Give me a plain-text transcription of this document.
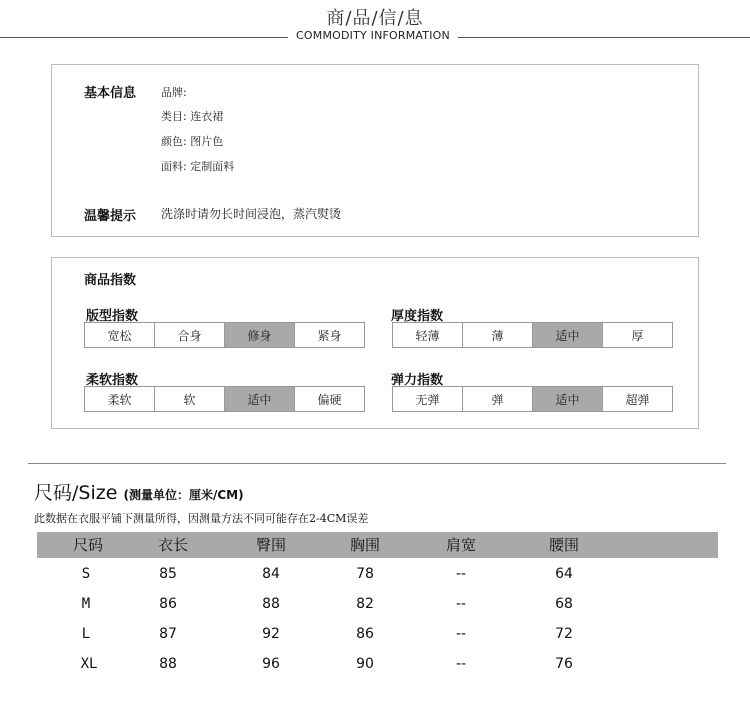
商/品/信/息
COMMODITY INFORMATION
基本信息 品牌:
类目: 连衣裙
颜色: 图片色
面料: 定制面料
温馨提示 洗涤时请勿长时间浸泡，蒸汽熨烫
商品指数
版型指数
宽松	合身	修身	紧身
厚度指数
轻薄	薄	适中	厚
柔软指数
柔软	软	适中	偏硬
弹力指数
无弹	弹	适中	超弹
尺码/Size (测量单位：厘米/CM)
此数据在衣服平铺下测量所得，因测量方法不同可能存在2-4CM误差
尺码	衣长	臀围	胸围	肩宽	腰围
S	85	84	78	--	64
M	86	88	82	--	68
L	87	92	86	--	72
XL	88	96	90	--	76
